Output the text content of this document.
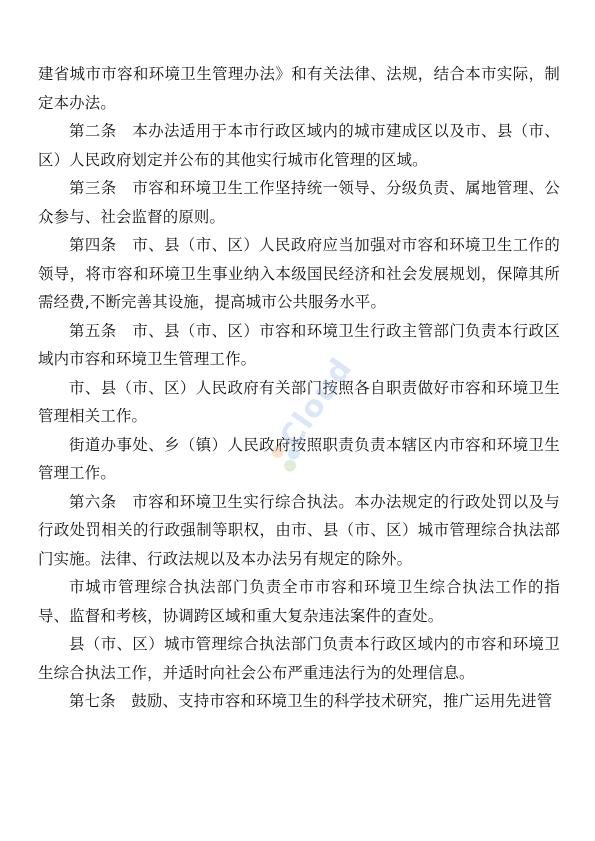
建省城市市容和环境卫生管理办法》和有关法律、法规，结合本市实际，制定本办法。

第二条　本办法适用于本市行政区域内的城市建成区以及市、县（市、区）人民政府划定并公布的其他实行城市化管理的区域。

第三条　市容和环境卫生工作坚持统一领导、分级负责、属地管理、公众参与、社会监督的原则。

第四条　市、县（市、区）人民政府应当加强对市容和环境卫生工作的领导，将市容和环境卫生事业纳入本级国民经济和社会发展规划，保障其所需经费,不断完善其设施，提高城市公共服务水平。

第五条　市、县（市、区）市容和环境卫生行政主管部门负责本行政区域内市容和环境卫生管理工作。

市、县（市、区）人民政府有关部门按照各自职责做好市容和环境卫生管理相关工作。

街道办事处、乡（镇）人民政府按照职责负责本辖区内市容和环境卫生管理工作。

第六条　市容和环境卫生实行综合执法。本办法规定的行政处罚以及与行政处罚相关的行政强制等职权，由市、县（市、区）城市管理综合执法部门实施。法律、行政法规以及本办法另有规定的除外。

市城市管理综合执法部门负责全市市容和环境卫生综合执法工作的指导、监督和考核，协调跨区域和重大复杂违法案件的查处。

县（市、区）城市管理综合执法部门负责本行政区域内的市容和环境卫生综合执法工作，并适时向社会公布严重违法行为的处理信息。

第七条　鼓励、支持市容和环境卫生的科学技术研究，推广运用先进管

Cloud
